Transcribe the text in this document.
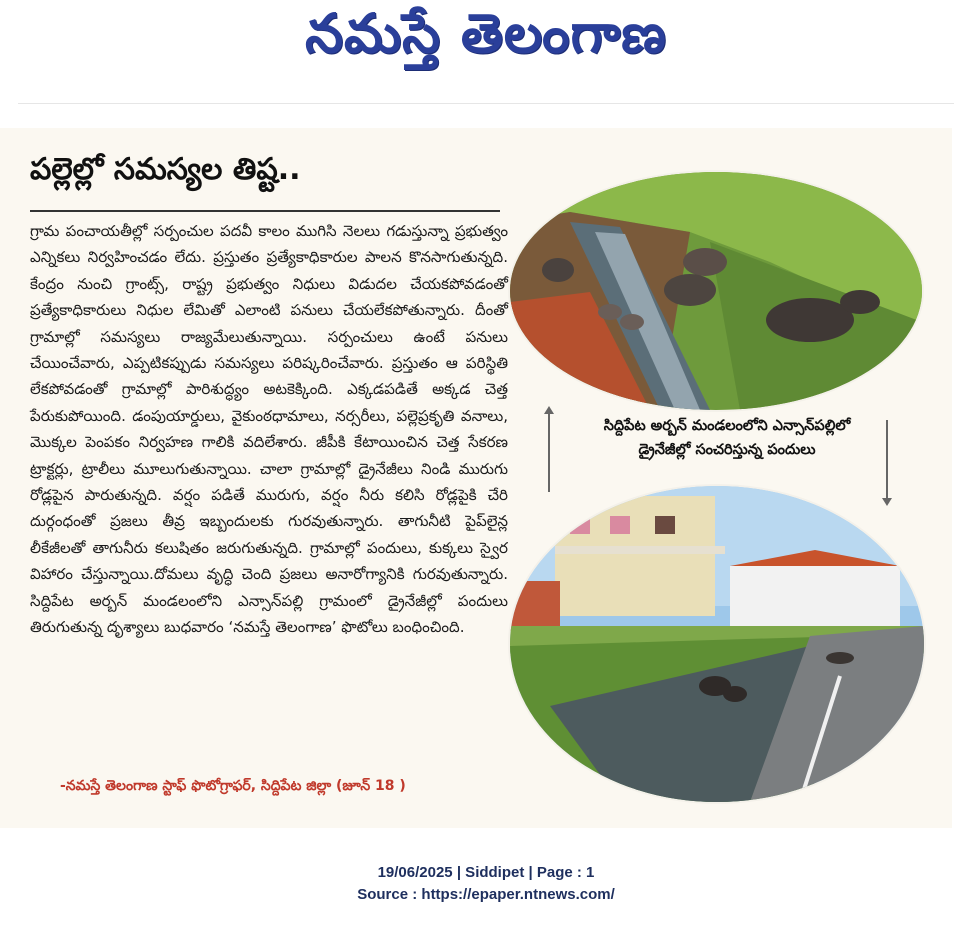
నమస్తే తెలంగాణ
పల్లెల్లో సమస్యల తిష్ట..
గ్రామ పంచాయతీల్లో సర్పంచుల పదవీ కాలం ముగిసి నెలలు గడుస్తున్నా ప్రభుత్వం ఎన్నికలు నిర్వహించడం లేదు. ప్రస్తుతం ప్రత్యేకాధికారుల పాలన కొనసాగుతున్నది. కేంద్రం నుంచి గ్రాంట్స్, రాష్ట్ర ప్రభుత్వం నిధులు విడుదల చేయకపోవడంతో ప్రత్యేకాధికారులు నిధుల లేమితో ఎలాంటి పనులు చేయలేకపోతున్నారు. దీంతో గ్రామాల్లో సమస్యలు రాజ్యమేలుతున్నాయి. సర్పంచులు ఉంటే పనులు చేయించేవారు, ఎప్పటికప్పుడు సమస్యలు పరిష్కరించేవారు. ప్రస్తుతం ఆ పరిస్థితి లేకపోవడంతో గ్రామాల్లో పారిశుద్ధ్యం అటకెక్కింది. ఎక్కడపడితే అక్కడ చెత్త పేరుకుపోయింది. డంపుయార్డులు, వైకుంఠధామాలు, నర్సరీలు, పల్లెప్రకృతి వనాలు, మొక్కల పెంపకం నిర్వహణ గాలికి వదిలేశారు. జీపీకి కేటాయించిన చెత్త సేకరణ ట్రాక్టర్లు, ట్రాలీలు మూలుగుతున్నాయి. చాలా గ్రామాల్లో డ్రైనేజీలు నిండి మురుగు రోడ్లపైన పారుతున్నది. వర్షం పడితే మురుగు, వర్షం నీరు కలిసి రోడ్లపైకి చేరి దుర్గంధంతో ప్రజలు తీవ్ర ఇబ్బందులకు గురవుతున్నారు. తాగునీటి పైప్‌లైన్ల లీకేజీలతో తాగునీరు కలుషితం జరుగుతున్నది. గ్రామాల్లో పందులు, కుక్కలు స్వైర విహారం చేస్తున్నాయి.దోమలు వృద్ధి చెంది ప్రజలు అనారోగ్యానికి గురవుతున్నారు. సిద్దిపేట అర్బన్ మండలంలోని ఎన్సాన్‌పల్లి గ్రామంలో డ్రైనేజీల్లో పందులు తిరుగుతున్న దృశ్యాలు బుధవారం ‘నమస్తే తెలంగాణ’ ఫొటోలు బంధించింది.
-నమస్తే తెలంగాణ స్టాఫ్ ఫొటోగ్రాఫర్, సిద్దిపేట జిల్లా (జూన్ 18 )
సిద్దిపేట అర్బన్ మండలంలోని ఎన్సాన్‌పల్లిలో
డ్రైనేజీల్లో సంచరిస్తున్న పందులు
19/06/2025 | Siddipet | Page : 1
Source : https://epaper.ntnews.com/
